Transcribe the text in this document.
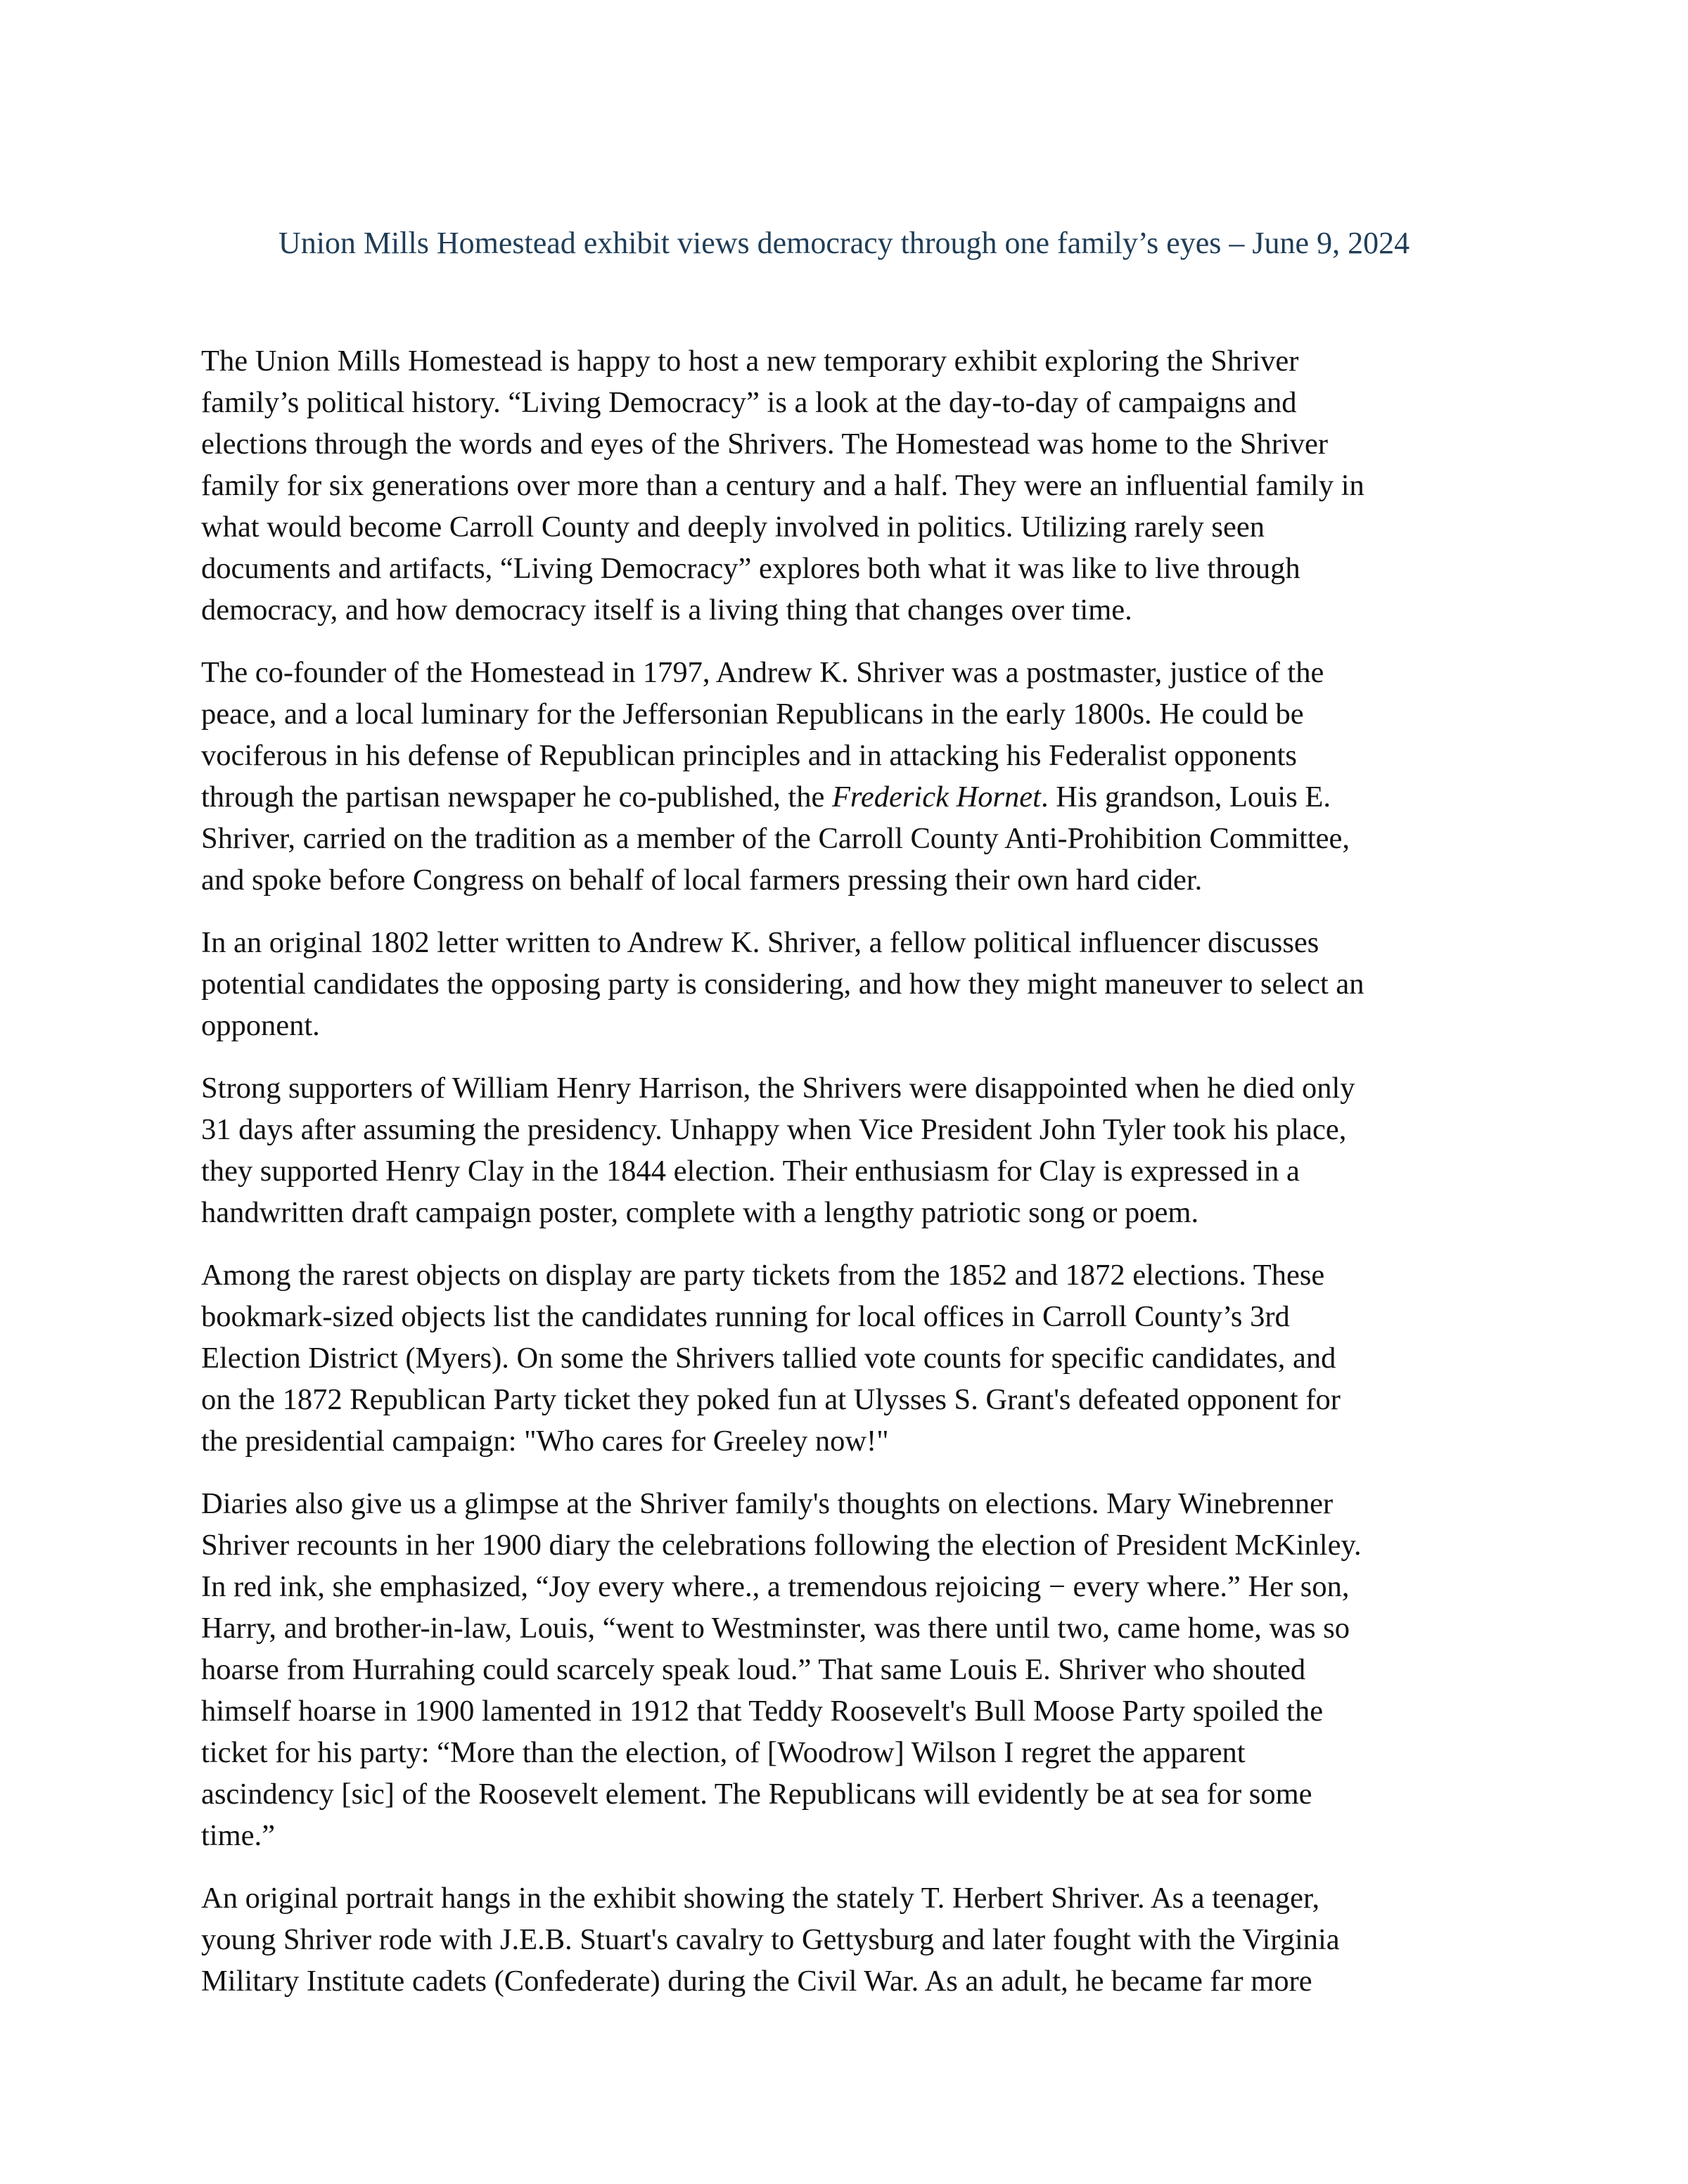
Union Mills Homestead exhibit views democracy through one family’s eyes – June 9, 2024

The Union Mills Homestead is happy to host a new temporary exhibit exploring the Shriver
family’s political history. “Living Democracy” is a look at the day-to-day of campaigns and
elections through the words and eyes of the Shrivers. The Homestead was home to the Shriver
family for six generations over more than a century and a half. They were an influential family in
what would become Carroll County and deeply involved in politics. Utilizing rarely seen
documents and artifacts, “Living Democracy” explores both what it was like to live through
democracy, and how democracy itself is a living thing that changes over time.

The co-founder of the Homestead in 1797, Andrew K. Shriver was a postmaster, justice of the
peace, and a local luminary for the Jeffersonian Republicans in the early 1800s. He could be
vociferous in his defense of Republican principles and in attacking his Federalist opponents
through the partisan newspaper he co-published, the Frederick Hornet. His grandson, Louis E.
Shriver, carried on the tradition as a member of the Carroll County Anti-Prohibition Committee,
and spoke before Congress on behalf of local farmers pressing their own hard cider.

In an original 1802 letter written to Andrew K. Shriver, a fellow political influencer discusses
potential candidates the opposing party is considering, and how they might maneuver to select an
opponent.

Strong supporters of William Henry Harrison, the Shrivers were disappointed when he died only
31 days after assuming the presidency. Unhappy when Vice President John Tyler took his place,
they supported Henry Clay in the 1844 election. Their enthusiasm for Clay is expressed in a
handwritten draft campaign poster, complete with a lengthy patriotic song or poem.

Among the rarest objects on display are party tickets from the 1852 and 1872 elections. These
bookmark-sized objects list the candidates running for local offices in Carroll County’s 3rd
Election District (Myers). On some the Shrivers tallied vote counts for specific candidates, and
on the 1872 Republican Party ticket they poked fun at Ulysses S. Grant's defeated opponent for
the presidential campaign: "Who cares for Greeley now!"

Diaries also give us a glimpse at the Shriver family's thoughts on elections. Mary Winebrenner
Shriver recounts in her 1900 diary the celebrations following the election of President McKinley.
In red ink, she emphasized, “Joy every where., a tremendous rejoicing − every where.” Her son,
Harry, and brother-in-law, Louis, “went to Westminster, was there until two, came home, was so
hoarse from Hurrahing could scarcely speak loud.” That same Louis E. Shriver who shouted
himself hoarse in 1900 lamented in 1912 that Teddy Roosevelt's Bull Moose Party spoiled the
ticket for his party: “More than the election, of [Woodrow] Wilson I regret the apparent
ascindency [sic] of the Roosevelt element. The Republicans will evidently be at sea for some
time.”

An original portrait hangs in the exhibit showing the stately T. Herbert Shriver. As a teenager,
young Shriver rode with J.E.B. Stuart's cavalry to Gettysburg and later fought with the Virginia
Military Institute cadets (Confederate) during the Civil War. As an adult, he became far more
